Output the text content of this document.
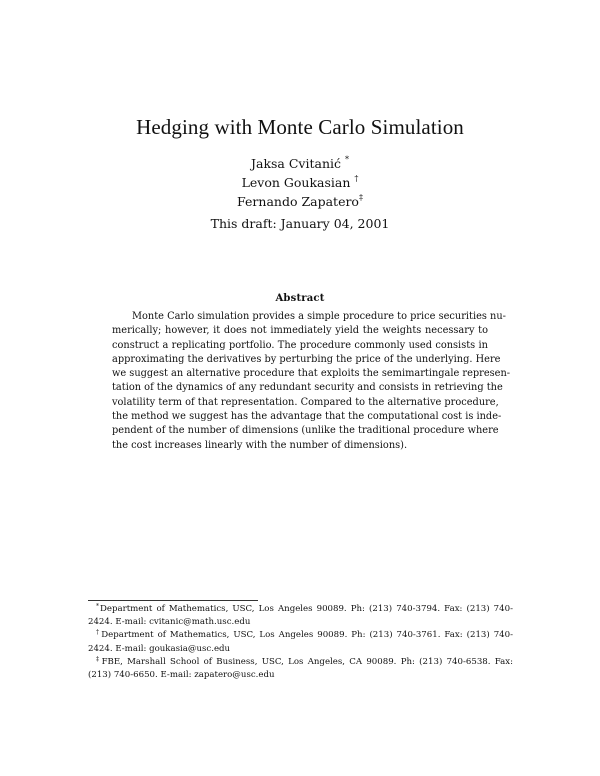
Hedging with Monte Carlo Simulation
Jaksa Cvitanić *
Levon Goukasian †
Fernando Zapatero‡
This draft: January 04, 2001
Abstract
Monte Carlo simulation provides a simple procedure to price securities nu-
merically; however, it does not immediately yield the weights necessary to
construct a replicating portfolio. The procedure commonly used consists in
approximating the derivatives by perturbing the price of the underlying. Here
we suggest an alternative procedure that exploits the semimartingale represen-
tation of the dynamics of any redundant security and consists in retrieving the
volatility term of that representation. Compared to the alternative procedure,
the method we suggest has the advantage that the computational cost is inde-
pendent of the number of dimensions (unlike the traditional procedure where
the cost increases linearly with the number of dimensions).
*Department of Mathematics, USC, Los Angeles 90089. Ph: (213) 740-3794. Fax: (213) 740-
2424. E-mail: cvitanic@math.usc.edu
†Department of Mathematics, USC, Los Angeles 90089. Ph: (213) 740-3761. Fax: (213) 740-
2424. E-mail: goukasia@usc.edu
‡FBE, Marshall School of Business, USC, Los Angeles, CA 90089. Ph: (213) 740-6538. Fax:
(213) 740-6650. E-mail: zapatero@usc.edu
